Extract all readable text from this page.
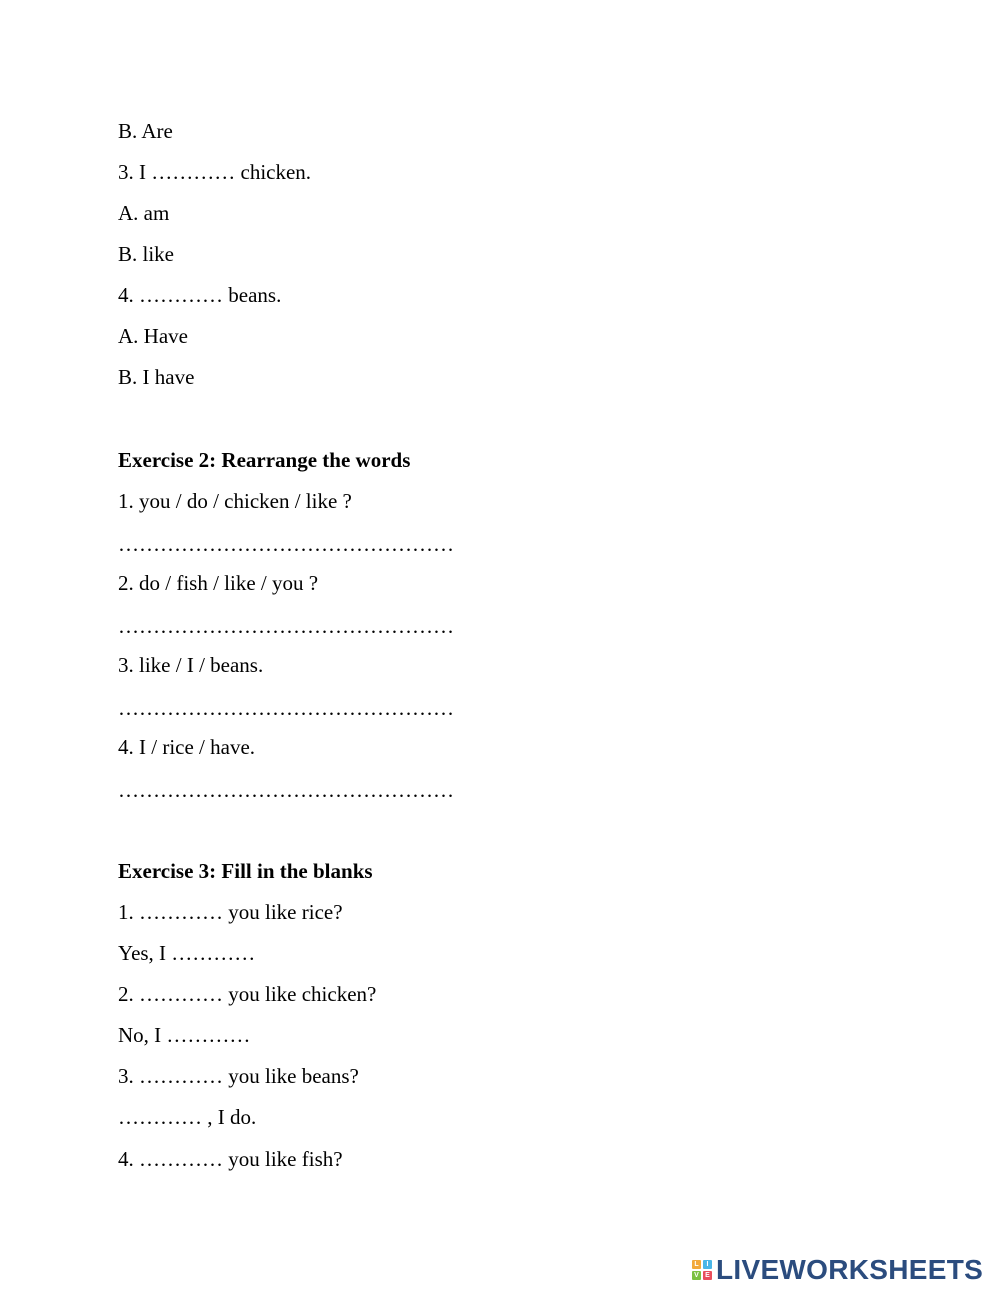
B. Are
3. I ………… chicken.
A. am
B. like
4. ………… beans.
A. Have
B. I have
Exercise 2: Rearrange the words
1. you / do / chicken / like ?
…………………………………………
2. do / fish / like / you ?
…………………………………………
3. like / I / beans.
…………………………………………
4. I / rice / have.
…………………………………………
Exercise 3: Fill in the blanks
1. ………… you like rice?
Yes, I …………
2. ………… you like chicken?
No, I …………
3. ………… you like beans?
………… , I do.
4. ………… you like fish?
L	I
V E LIVEWORKSHEETS
